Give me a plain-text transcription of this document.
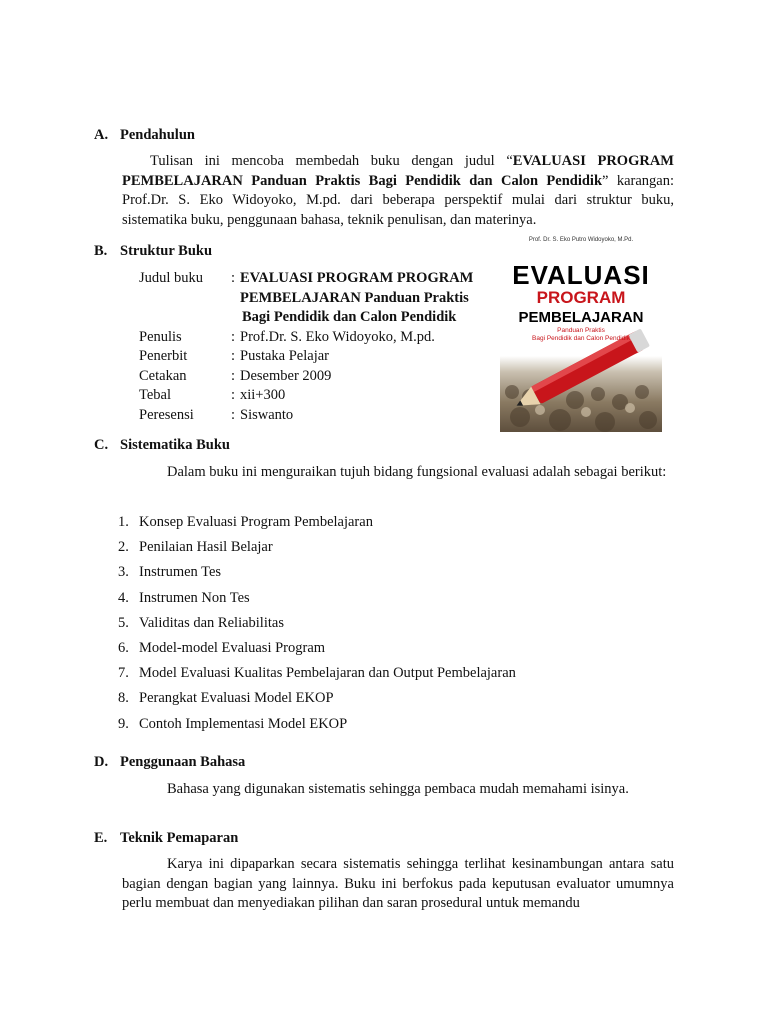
A. Pendahulun
Tulisan ini mencoba membedah buku dengan judul “EVALUASI PROGRAM PEMBELAJARAN Panduan Praktis Bagi Pendidik dan Calon Pendidik” karangan: Prof.Dr. S. Eko Widoyoko, M.pd. dari beberapa perspektif mulai dari struktur buku, sistematika buku, penggunaan bahasa, teknik penulisan, dan materinya.
B. Struktur Buku
Judul buku : EVALUASI PROGRAM PROGRAM
PEMBELAJARAN Panduan Praktis
Bagi Pendidik dan Calon Pendidik
Penulis	: Prof.Dr. S. Eko Widoyoko, M.pd.
Penerbit	: Pustaka Pelajar
Cetakan	: Desember 2009
Tebal	: xii+300
Peresensi	: Siswanto
Prof. Dr. S. Eko Putro Widoyoko, M.Pd.
EVALUASI
PROGRAM
PEMBELAJARAN
Panduan Praktis
Bagi Pendidik dan Calon Pendidik
C. Sistematika Buku
Dalam buku ini menguraikan tujuh bidang fungsional evaluasi adalah sebagai berikut:
1. Konsep Evaluasi Program Pembelajaran
2. Penilaian Hasil Belajar
3. Instrumen Tes
4. Instrumen Non Tes
5. Validitas dan Reliabilitas
6. Model-model Evaluasi Program
7. Model Evaluasi Kualitas Pembelajaran dan Output Pembelajaran
8. Perangkat Evaluasi Model EKOP
9. Contoh Implementasi Model EKOP
D. Penggunaan Bahasa
Bahasa yang digunakan sistematis sehingga pembaca mudah memahami isinya.
E. Teknik Pemaparan
Karya ini dipaparkan secara sistematis sehingga terlihat kesinambungan antara satu bagian dengan bagian yang lainnya. Buku ini berfokus pada keputusan evaluator umumnya perlu membuat dan menyediakan pilihan dan saran prosedural untuk memandu
